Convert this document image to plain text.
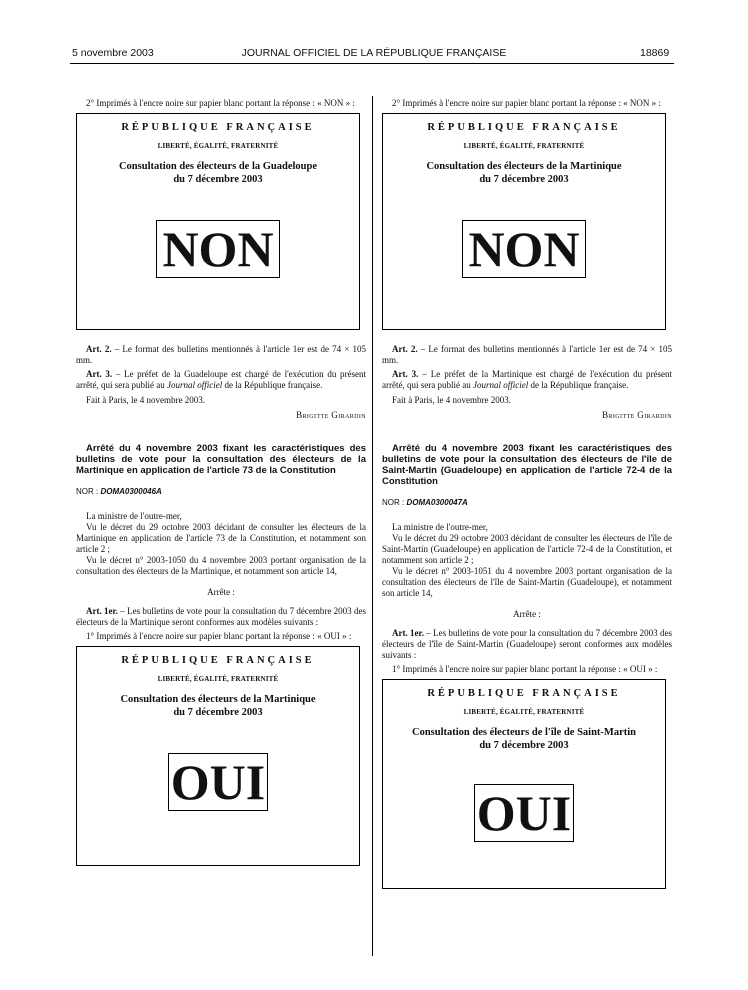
5 novembre 2003	JOURNAL OFFICIEL DE LA RÉPUBLIQUE FRANÇAISE	18869

2° Imprimés à l'encre noire sur papier blanc portant la réponse : « NON » :

RÉPUBLIQUE FRANÇAISE
LIBERTÉ, ÉGALITÉ, FRATERNITÉ
Consultation des électeurs de la Guadeloupe
du 7 décembre 2003
NON

Art. 2. – Le format des bulletins mentionnés à l'article 1er est de 74 × 105 mm.

Art. 3. – Le préfet de la Guadeloupe est chargé de l'exécution du présent arrêté, qui sera publié au Journal officiel de la République française.

Fait à Paris, le 4 novembre 2003.

Brigitte Girardin

Arrêté du 4 novembre 2003 fixant les caractéristiques des bulletins de vote pour la consultation des électeurs de la Martinique en application de l'article 73 de la Constitution

NOR : DOMA0300046A

La ministre de l'outre-mer,

Vu le décret du 29 octobre 2003 décidant de consulter les électeurs de la Martinique en application de l'article 73 de la Constitution, et notamment son article 2 ;

Vu le décret n° 2003-1050 du 4 novembre 2003 portant organisation de la consultation des électeurs de la Martinique, et notamment son article 14,

Arrête :

Art. 1er. – Les bulletins de vote pour la consultation du 7 décembre 2003 des électeurs de la Martinique seront conformes aux modèles suivants :

1° Imprimés à l'encre noire sur papier blanc portant la réponse : « OUI » :

RÉPUBLIQUE FRANÇAISE
LIBERTÉ, ÉGALITÉ, FRATERNITÉ
Consultation des électeurs de la Martinique
du 7 décembre 2003
OUI

2° Imprimés à l'encre noire sur papier blanc portant la réponse : « NON » :

RÉPUBLIQUE FRANÇAISE
LIBERTÉ, ÉGALITÉ, FRATERNITÉ
Consultation des électeurs de la Martinique
du 7 décembre 2003
NON

Art. 2. – Le format des bulletins mentionnés à l'article 1er est de 74 × 105 mm.

Art. 3. – Le préfet de la Martinique est chargé de l'exécution du présent arrêté, qui sera publié au Journal officiel de la République française.

Fait à Paris, le 4 novembre 2003.

Brigitte Girardin

Arrêté du 4 novembre 2003 fixant les caractéristiques des bulletins de vote pour la consultation des électeurs de l'île de Saint-Martin (Guadeloupe) en application de l'article 72-4 de la Constitution

NOR : DOMA0300047A

La ministre de l'outre-mer,

Vu le décret du 29 octobre 2003 décidant de consulter les électeurs de l'île de Saint-Martin (Guadeloupe) en application de l'article 72-4 de la Constitution, et notamment son article 2 ;

Vu le décret n° 2003-1051 du 4 novembre 2003 portant organisation de la consultation des électeurs de l'île de Saint-Martin (Guadeloupe), et notamment son article 14,

Arrête :

Art. 1er. – Les bulletins de vote pour la consultation du 7 décembre 2003 des électeurs de l'île de Saint-Martin (Guadeloupe) seront conformes aux modèles suivants :

1° Imprimés à l'encre noire sur papier blanc portant la réponse : « OUI » :

RÉPUBLIQUE FRANÇAISE
LIBERTÉ, ÉGALITÉ, FRATERNITÉ
Consultation des électeurs de l'île de Saint-Martin
du 7 décembre 2003
OUI
